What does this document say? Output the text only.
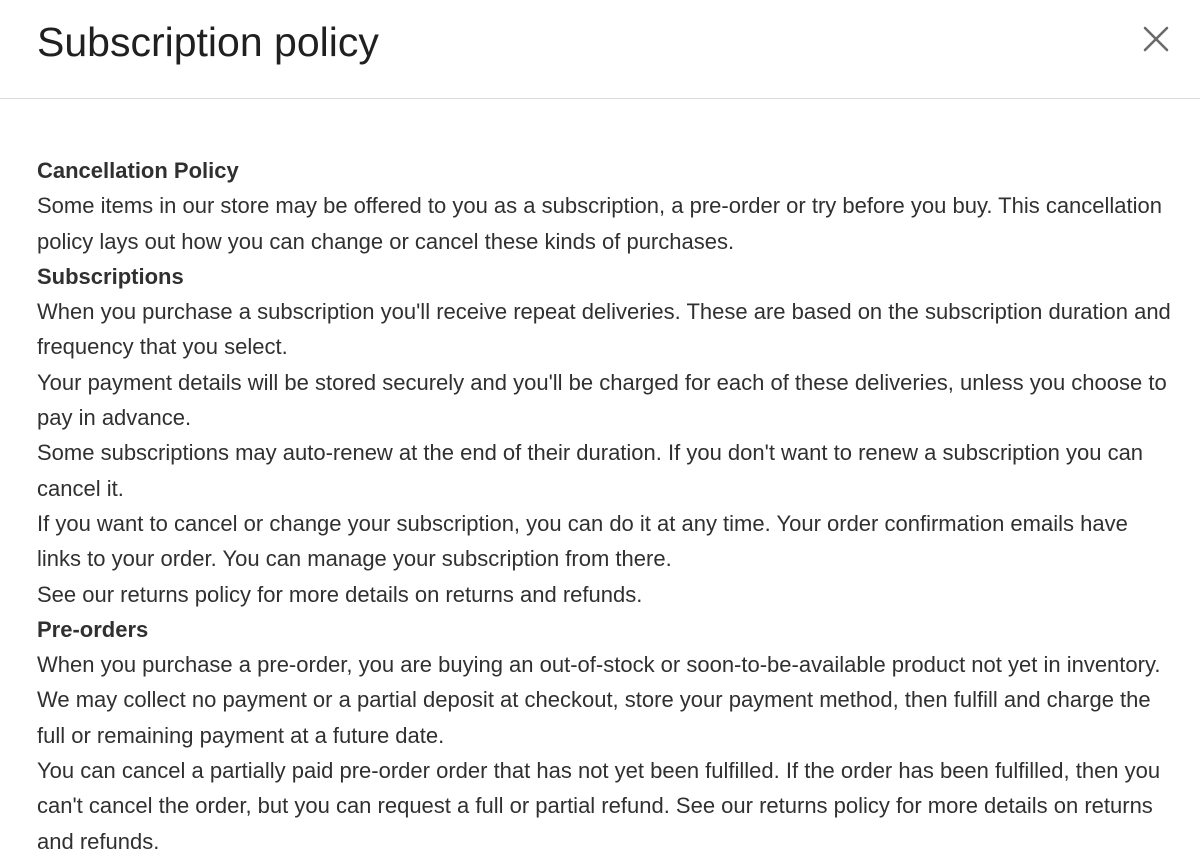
Subscription policy

Cancellation Policy

Some items in our store may be offered to you as a subscription, a pre-order or try before you buy. This cancellation policy lays out how you can change or cancel these kinds of purchases.

Subscriptions

When you purchase a subscription you'll receive repeat deliveries. These are based on the subscription duration and frequency that you select.

Your payment details will be stored securely and you'll be charged for each of these deliveries, unless you choose to pay in advance.

Some subscriptions may auto-renew at the end of their duration. If you don't want to renew a subscription you can cancel it.

If you want to cancel or change your subscription, you can do it at any time. Your order confirmation emails have links to your order. You can manage your subscription from there.

See our returns policy for more details on returns and refunds.

Pre-orders

When you purchase a pre-order, you are buying an out-of-stock or soon-to-be-available product not yet in inventory. We may collect no payment or a partial deposit at checkout, store your payment method, then fulfill and charge the full or remaining payment at a future date.

You can cancel a partially paid pre-order order that has not yet been fulfilled. If the order has been fulfilled, then you can't cancel the order, but you can request a full or partial refund. See our returns policy for more details on returns and refunds.
